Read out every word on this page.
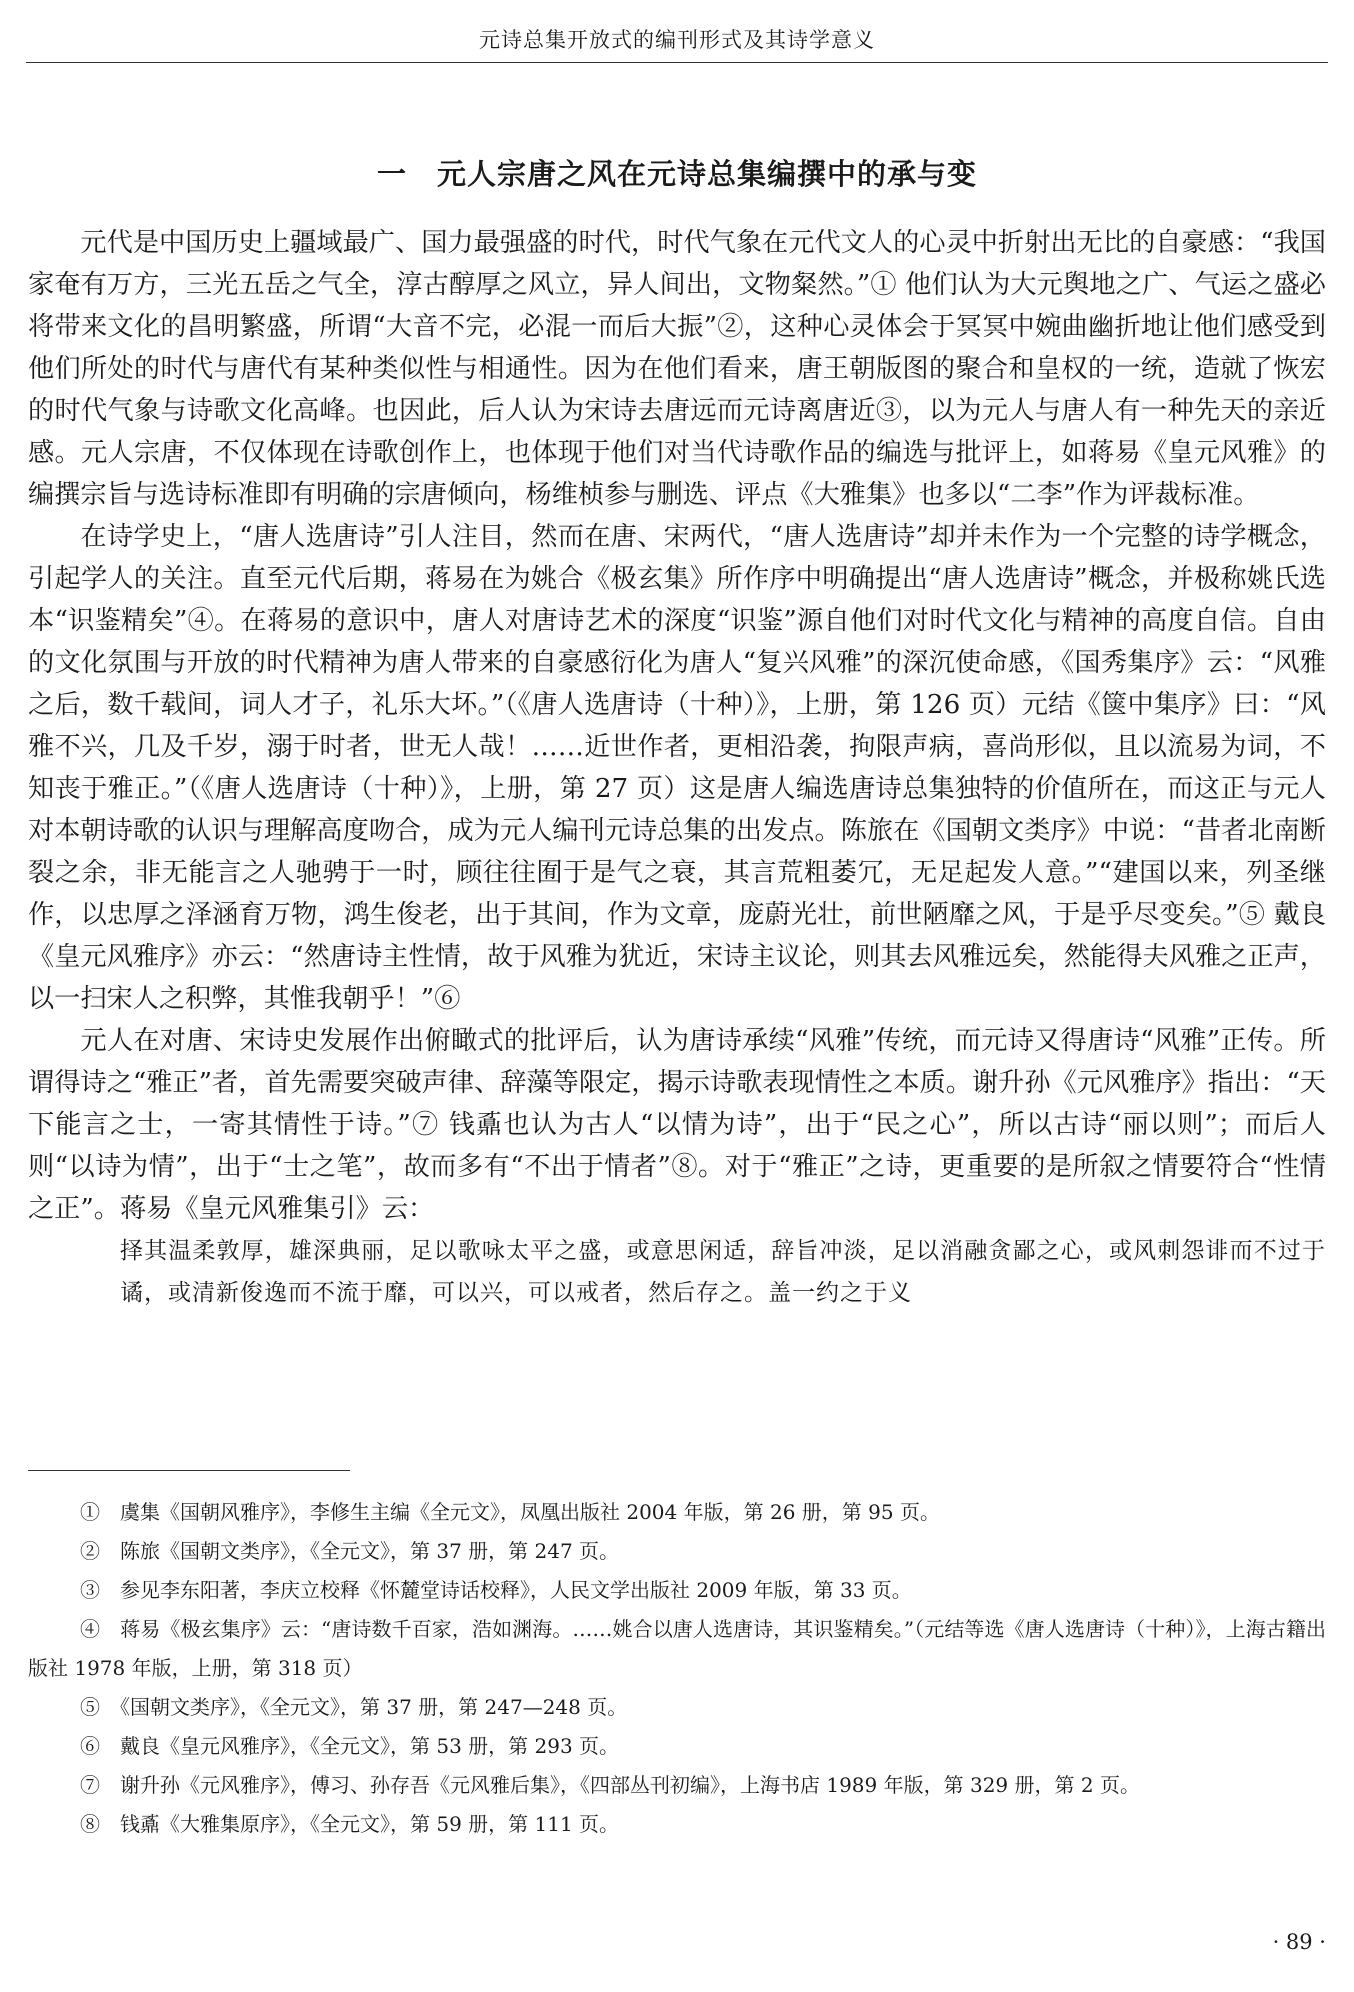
元诗总集开放式的编刊形式及其诗学意义
一　元人宗唐之风在元诗总集编撰中的承与变

元代是中国历史上疆域最广、国力最强盛的时代，时代气象在元代文人的心灵中折射出无比的自豪感：“我国家奄有万方，三光五岳之气全，淳古醇厚之风立，异人间出，文物粲然。”① 他们认为大元舆地之广、气运之盛必将带来文化的昌明繁盛，所谓“大音不完，必混一而后大振”②，这种心灵体会于冥冥中婉曲幽折地让他们感受到他们所处的时代与唐代有某种类似性与相通性。因为在他们看来，唐王朝版图的聚合和皇权的一统，造就了恢宏的时代气象与诗歌文化高峰。也因此，后人认为宋诗去唐远而元诗离唐近③，以为元人与唐人有一种先天的亲近感。元人宗唐，不仅体现在诗歌创作上，也体现于他们对当代诗歌作品的编选与批评上，如蒋易《皇元风雅》的编撰宗旨与选诗标准即有明确的宗唐倾向，杨维桢参与删选、评点《大雅集》也多以“二李”作为评裁标准。

在诗学史上，“唐人选唐诗”引人注目，然而在唐、宋两代，“唐人选唐诗”却并未作为一个完整的诗学概念，引起学人的关注。直至元代后期，蒋易在为姚合《极玄集》所作序中明确提出“唐人选唐诗”概念，并极称姚氏选本“识鉴精矣”④。在蒋易的意识中，唐人对唐诗艺术的深度“识鉴”源自他们对时代文化与精神的高度自信。自由的文化氛围与开放的时代精神为唐人带来的自豪感衍化为唐人“复兴风雅”的深沉使命感，《国秀集序》云：“风雅之后，数千载间，词人才子，礼乐大坏。”（《唐人选唐诗（十种）》，上册，第 126 页）元结《箧中集序》曰：“风雅不兴，几及千岁，溺于时者，世无人哉！……近世作者，更相沿袭，拘限声病，喜尚形似，且以流易为词，不知丧于雅正。”（《唐人选唐诗（十种）》，上册，第 27 页）这是唐人编选唐诗总集独特的价值所在，而这正与元人对本朝诗歌的认识与理解高度吻合，成为元人编刊元诗总集的出发点。陈旅在《国朝文类序》中说：“昔者北南断裂之余，非无能言之人驰骋于一时，顾往往囿于是气之衰，其言荒粗萎冗，无足起发人意。”“建国以来，列圣继作，以忠厚之泽涵育万物，鸿生俊老，出于其间，作为文章，庞蔚光壮，前世陋靡之风，于是乎尽变矣。”⑤ 戴良《皇元风雅序》亦云：“然唐诗主性情，故于风雅为犹近，宋诗主议论，则其去风雅远矣，然能得夫风雅之正声，以一扫宋人之积弊，其惟我朝乎！”⑥

元人在对唐、宋诗史发展作出俯瞰式的批评后，认为唐诗承续“风雅”传统，而元诗又得唐诗“风雅”正传。所谓得诗之“雅正”者，首先需要突破声律、辞藻等限定，揭示诗歌表现情性之本质。谢升孙《元风雅序》指出：“天下能言之士，一寄其情性于诗。”⑦ 钱鼒也认为古人“以情为诗”，出于“民之心”，所以古诗“丽以则”；而后人则“以诗为情”，出于“士之笔”，故而多有“不出于情者”⑧。对于“雅正”之诗，更重要的是所叙之情要符合“性情之正”。蒋易《皇元风雅集引》云：

择其温柔敦厚，雄深典丽，足以歌咏太平之盛，或意思闲适，辞旨冲淡，足以消融贪鄙之心，或风刺怨诽而不过于谲，或清新俊逸而不流于靡，可以兴，可以戒者，然后存之。盖一约之于义

①　虞集《国朝风雅序》，李修生主编《全元文》，凤凰出版社 2004 年版，第 26 册，第 95 页。

②　陈旅《国朝文类序》，《全元文》，第 37 册，第 247 页。

③　参见李东阳著，李庆立校释《怀麓堂诗话校释》，人民文学出版社 2009 年版，第 33 页。

④　蒋易《极玄集序》云：“唐诗数千百家，浩如渊海。……姚合以唐人选唐诗，其识鉴精矣。”（元结等选《唐人选唐诗（十种）》，上海古籍出版社 1978 年版，上册，第 318 页）

⑤　《国朝文类序》，《全元文》，第 37 册，第 247—248 页。

⑥　戴良《皇元风雅序》，《全元文》，第 53 册，第 293 页。

⑦　谢升孙《元风雅序》，傅习、孙存吾《元风雅后集》，《四部丛刊初编》，上海书店 1989 年版，第 329 册，第 2 页。

⑧　钱鼒《大雅集原序》，《全元文》，第 59 册，第 111 页。

· 89 ·
